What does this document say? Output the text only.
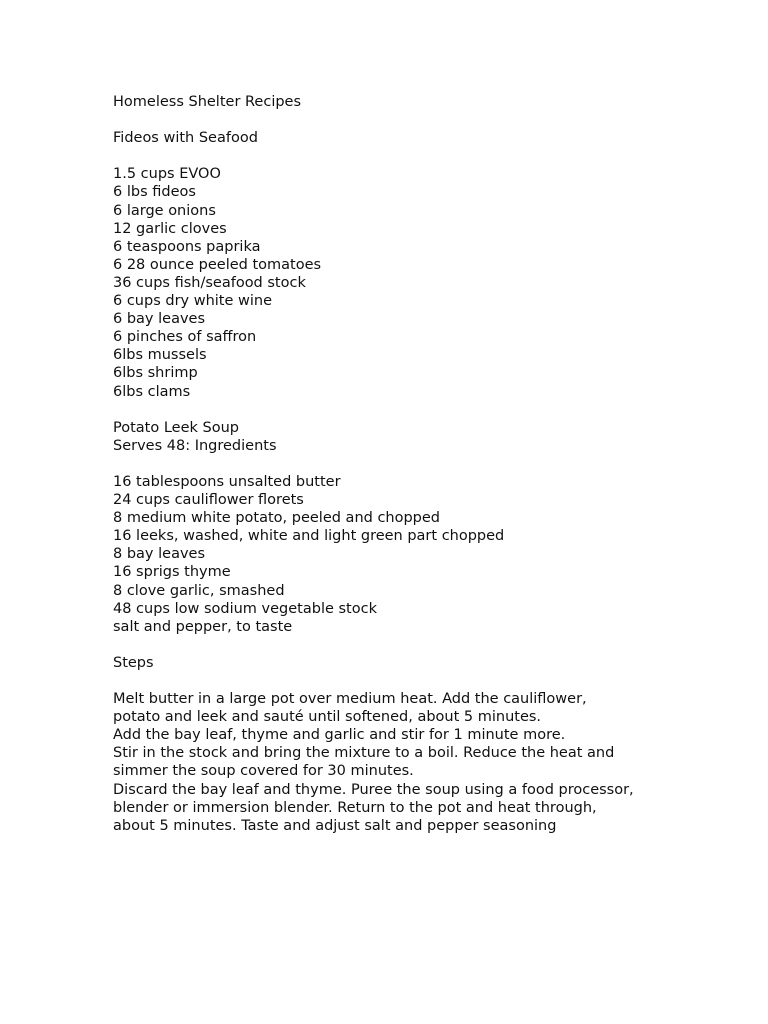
Homeless Shelter Recipes
Fideos with Seafood
1.5 cups EVOO
6 lbs fideos
6 large onions
12 garlic cloves
6 teaspoons paprika
6 28 ounce peeled tomatoes
36 cups fish/seafood stock
6 cups dry white wine
6 bay leaves
6 pinches of saffron
6lbs mussels
6lbs shrimp
6lbs clams
Potato Leek Soup
Serves 48: Ingredients
16 tablespoons unsalted butter
24 cups cauliflower florets
8 medium white potato, peeled and chopped
16 leeks, washed, white and light green part chopped
8 bay leaves
16 sprigs thyme
8 clove garlic, smashed
48 cups low sodium vegetable stock
salt and pepper, to taste
Steps
Melt butter in a large pot over medium heat. Add the cauliflower,
potato and leek and sauté until softened, about 5 minutes.
Add the bay leaf, thyme and garlic and stir for 1 minute more.
Stir in the stock and bring the mixture to a boil. Reduce the heat and
simmer the soup covered for 30 minutes.
Discard the bay leaf and thyme. Puree the soup using a food processor,
blender or immersion blender. Return to the pot and heat through,
about 5 minutes. Taste and adjust salt and pepper seasoning
